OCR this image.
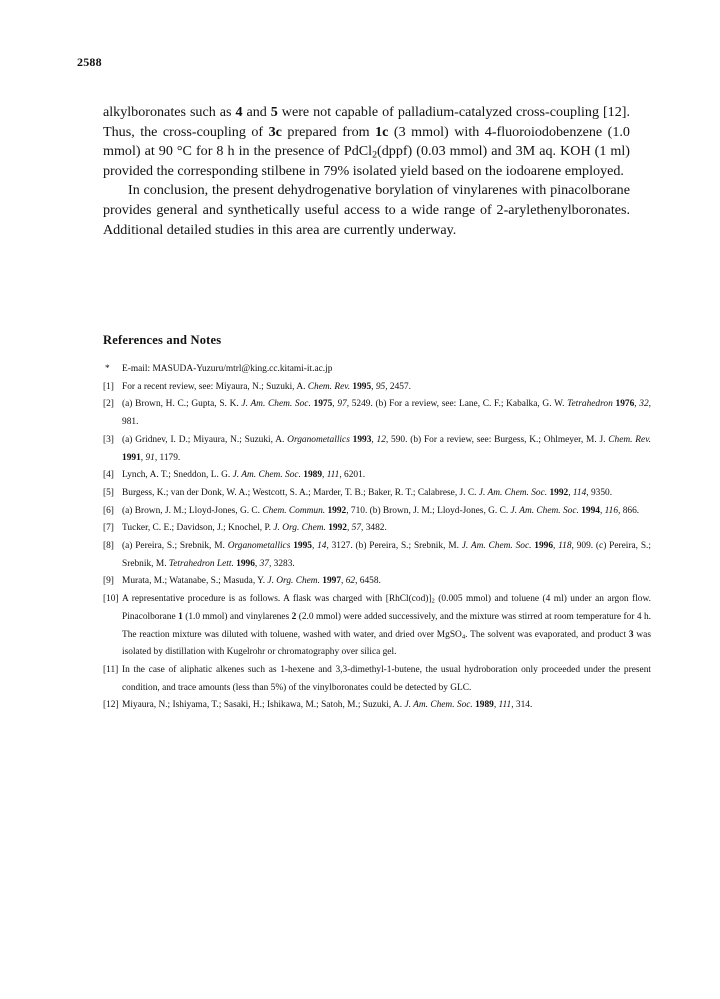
2588

alkylboronates such as 4 and 5 were not capable of palladium-catalyzed cross-coupling [12]. Thus, the cross-coupling of 3c prepared from 1c (3 mmol) with 4-fluoroiodobenzene (1.0 mmol) at 90 °C for 8 h in the presence of PdCl$_2$(dppf) (0.03 mmol) and 3M aq. KOH (1 ml) provided the corresponding stilbene in 79% isolated yield based on the iodoarene employed.

In conclusion, the present dehydrogenative borylation of vinylarenes with pinacolborane provides general and synthetically useful access to a wide range of 2-arylethenylboronates. Additional detailed studies in this area are currently underway.

References and Notes
*	E-mail: MASUDA-Yuzuru/mtrl@king.cc.kitami-it.ac.jp
[1] For a recent review, see: Miyaura, N.; Suzuki, A. Chem. Rev. 1995, 95, 2457.
[2] (a) Brown, H. C.; Gupta, S. K. J. Am. Chem. Soc. 1975, 97, 5249. (b) For a review, see: Lane, C. F.; Kabalka, G. W. Tetrahedron 1976, 32, 981.
[3] (a) Gridnev, I. D.; Miyaura, N.; Suzuki, A. Organometallics 1993, 12, 590. (b) For a review, see: Burgess, K.; Ohlmeyer, M. J. Chem. Rev. 1991, 91, 1179.
[4] Lynch, A. T.; Sneddon, L. G. J. Am. Chem. Soc. 1989, 111, 6201.
[5] Burgess, K.; van der Donk, W. A.; Westcott, S. A.; Marder, T. B.; Baker, R. T.; Calabrese, J. C. J. Am. Chem. Soc. 1992, 114, 9350.
[6] (a) Brown, J. M.; Lloyd-Jones, G. C. Chem. Commun. 1992, 710. (b) Brown, J. M.; Lloyd-Jones, G. C. J. Am. Chem. Soc. 1994, 116, 866.
[7] Tucker, C. E.; Davidson, J.; Knochel, P. J. Org. Chem. 1992, 57, 3482.
[8] (a) Pereira, S.; Srebnik, M. Organometallics 1995, 14, 3127. (b) Pereira, S.; Srebnik, M. J. Am. Chem. Soc. 1996, 118, 909. (c) Pereira, S.; Srebnik, M. Tetrahedron Lett. 1996, 37, 3283.
[9] Murata, M.; Watanabe, S.; Masuda, Y. J. Org. Chem. 1997, 62, 6458.
[10] A representative procedure is as follows. A flask was charged with $[RhCl(cod)]_2$ (0.005 mmol) and toluene (4 ml) under an argon flow. Pinacolborane 1 (1.0 mmol) and vinylarenes 2 (2.0 mmol) were added successively, and the mixture was stirred at room temperature for 4 h. The reaction mixture was diluted with toluene, washed with water, and dried over MgSO$_4$. The solvent was evaporated, and product 3 was isolated by distillation with Kugelrohr or chromatography over silica gel.
[11] In the case of aliphatic alkenes such as 1-hexene and 3,3-dimethyl-1-butene, the usual hydroboration only proceeded under the present condition, and trace amounts (less than 5%) of the vinylboronates could be detected by GLC.
[12] Miyaura, N.; Ishiyama, T.; Sasaki, H.; Ishikawa, M.; Satoh, M.; Suzuki, A. J. Am. Chem. Soc. 1989, 111, 314.
